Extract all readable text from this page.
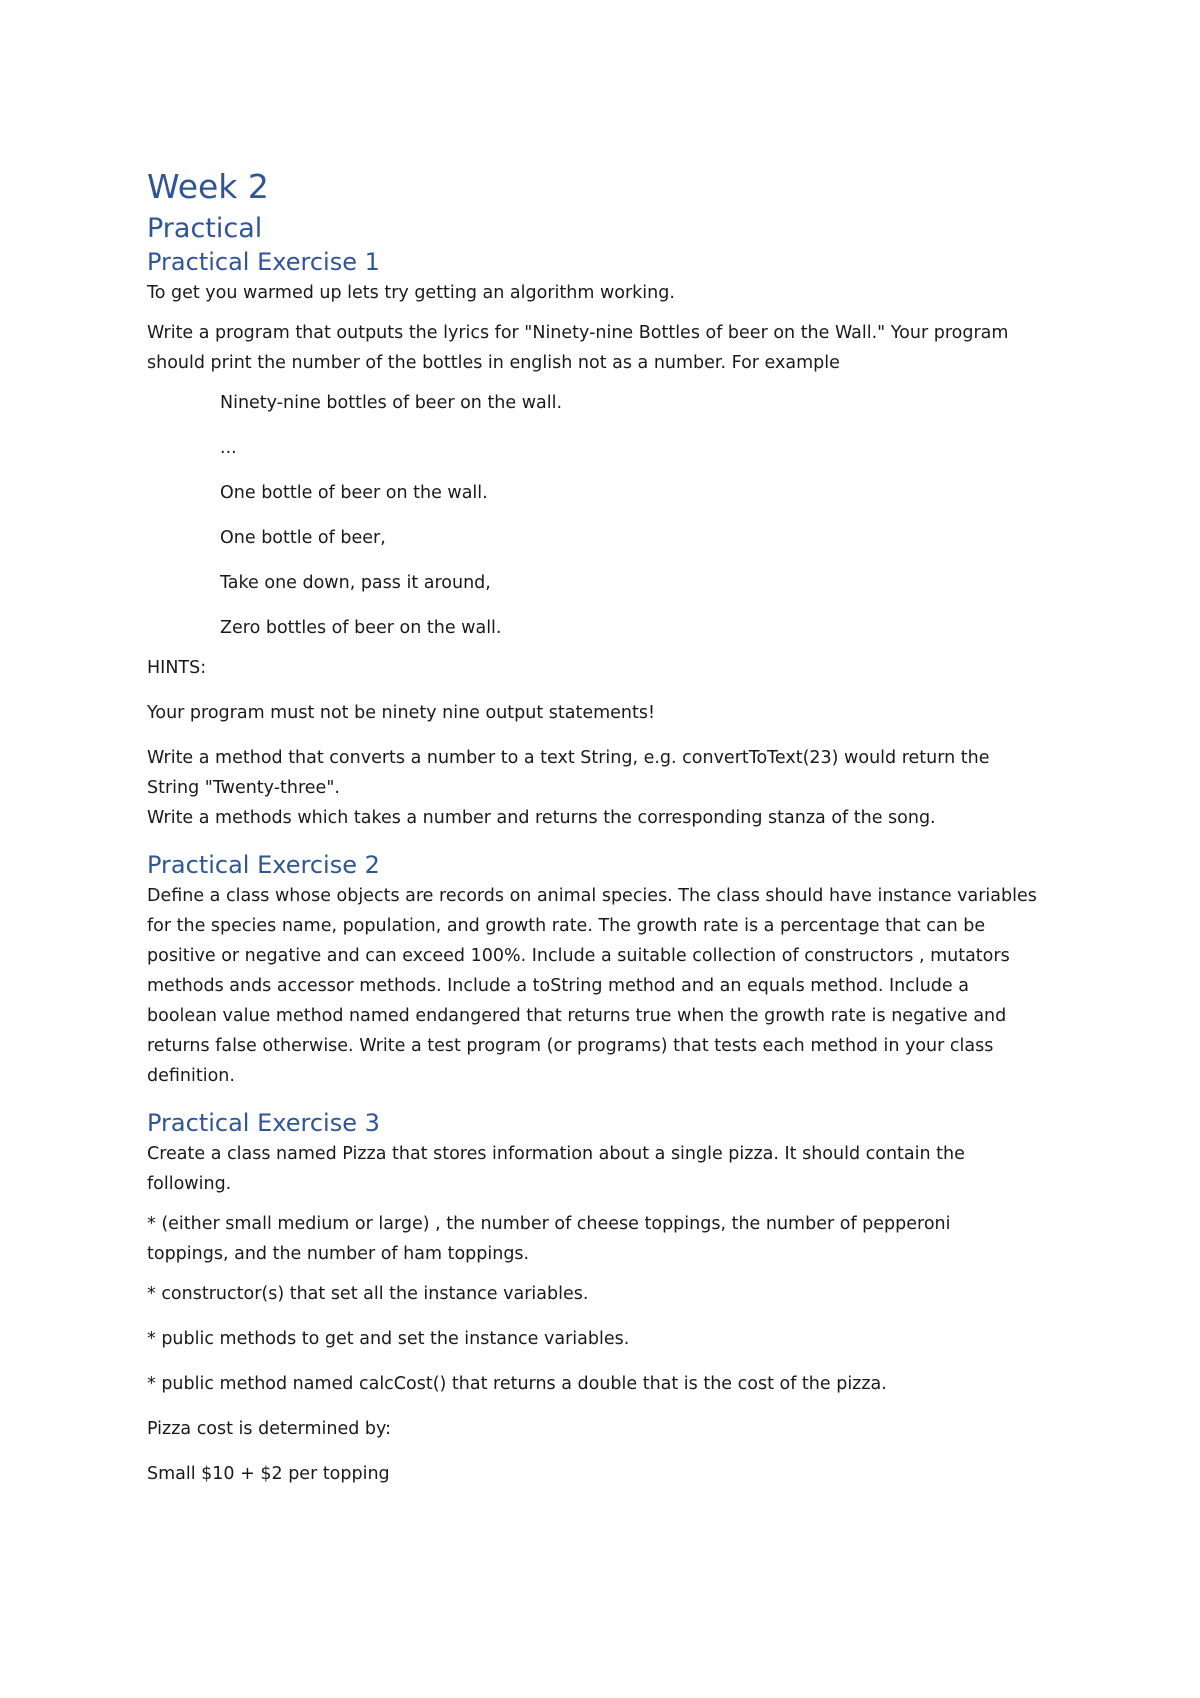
Week 2
Practical
Practical Exercise 1

To get you warmed up lets try getting an algorithm working.

Write a program that outputs the lyrics for "Ninety-nine Bottles of beer on the Wall." Your program

should print the number of the bottles in english not as a number. For example

Ninety-nine bottles of beer on the wall.

...

One bottle of beer on the wall.

One bottle of beer,

Take one down, pass it around,

Zero bottles of beer on the wall.

HINTS:

Your program must not be ninety nine output statements!

Write a method that converts a number to a text String, e.g. convertToText(23) would return the

String "Twenty-three".

Write a methods which takes a number and returns the corresponding stanza of the song.

Practical Exercise 2

Define a class whose objects are records on animal species. The class should have instance variables

for the species name, population, and growth rate. The growth rate is a percentage that can be

positive or negative and can exceed 100%. Include a suitable collection of constructors , mutators

methods ands accessor methods. Include a toString method and an equals method. Include a

boolean value method named endangered that returns true when the growth rate is negative and

returns false otherwise. Write a test program (or programs) that tests each method in your class

definition.

Practical Exercise 3

Create a class named Pizza that stores information about a single pizza. It should contain the

following.

* (either small medium or large) , the number of cheese toppings, the number of pepperoni

toppings, and the number of ham toppings.

* constructor(s) that set all the instance variables.

* public methods to get and set the instance variables.

* public method named calcCost() that returns a double that is the cost of the pizza.

Pizza cost is determined by:

Small $10 + $2 per topping
